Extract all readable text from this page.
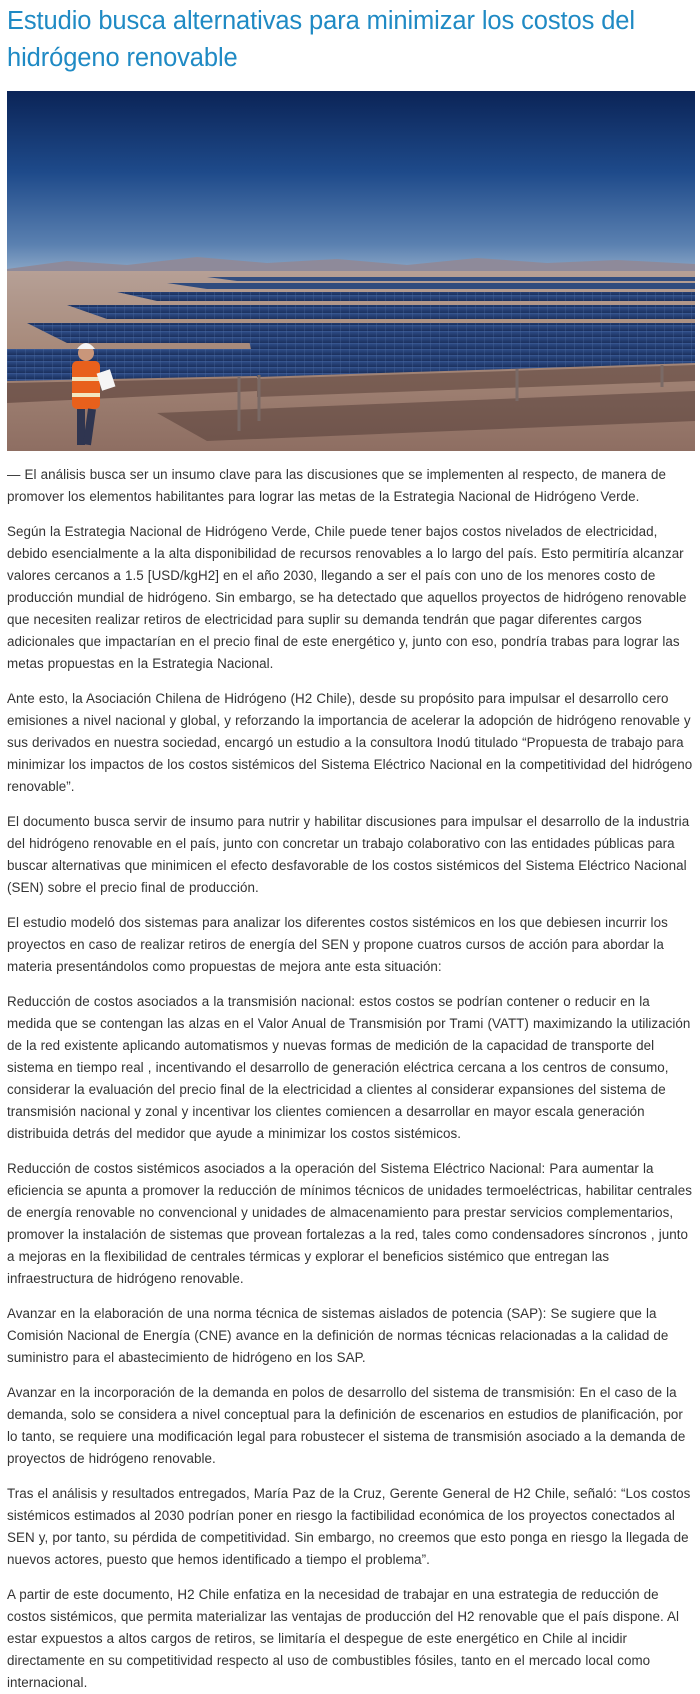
Estudio busca alternativas para minimizar los costos del hidrógeno renovable

— El análisis busca ser un insumo clave para las discusiones que se implementen al respecto, de manera de promover los elementos habilitantes para lograr las metas de la Estrategia Nacional de Hidrógeno Verde.

Según la Estrategia Nacional de Hidrógeno Verde, Chile puede tener bajos costos nivelados de electricidad, debido esencialmente a la alta disponibilidad de recursos renovables a lo largo del país. Esto permitiría alcanzar valores cercanos a 1.5 [USD/kgH2] en el año 2030, llegando a ser el país con uno de los menores costo de producción mundial de hidrógeno. Sin embargo, se ha detectado que aquellos proyectos de hidrógeno renovable que necesiten realizar retiros de electricidad para suplir su demanda tendrán que pagar diferentes cargos adicionales que impactarían en el precio final de este energético y, junto con eso, pondría trabas para lograr las metas propuestas en la Estrategia Nacional.

Ante esto, la Asociación Chilena de Hidrógeno (H2 Chile), desde su propósito para impulsar el desarrollo cero emisiones a nivel nacional y global, y reforzando la importancia de acelerar la adopción de hidrógeno renovable y sus derivados en nuestra sociedad, encargó un estudio a la consultora Inodú titulado “Propuesta de trabajo para minimizar los impactos de los costos sistémicos del Sistema Eléctrico Nacional en la competitividad del hidrógeno renovable”.

El documento busca servir de insumo para nutrir y habilitar discusiones para impulsar el desarrollo de la industria del hidrógeno renovable en el país, junto con concretar un trabajo colaborativo con las entidades públicas para buscar alternativas que minimicen el efecto desfavorable de los costos sistémicos del Sistema Eléctrico Nacional (SEN) sobre el precio final de producción.

El estudio modeló dos sistemas para analizar los diferentes costos sistémicos en los que debiesen incurrir los proyectos en caso de realizar retiros de energía del SEN y propone cuatros cursos de acción para abordar la materia presentándolos como propuestas de mejora ante esta situación:

Reducción de costos asociados a la transmisión nacional: estos costos se podrían contener o reducir en la medida que se contengan las alzas en el Valor Anual de Transmisión por Trami (VATT) maximizando la utilización de la red existente aplicando automatismos y nuevas formas de medición de la capacidad de transporte del sistema en tiempo real , incentivando el desarrollo de generación eléctrica cercana a los centros de consumo, considerar la evaluación del precio final de la electricidad a clientes al considerar expansiones del sistema de transmisión nacional y zonal y incentivar los clientes comiencen a desarrollar en mayor escala generación distribuida detrás del medidor que ayude a minimizar los costos sistémicos.

Reducción de costos sistémicos asociados a la operación del Sistema Eléctrico Nacional: Para aumentar la eficiencia se apunta a promover la reducción de mínimos técnicos de unidades termoeléctricas, habilitar centrales de energía renovable no convencional y unidades de almacenamiento para prestar servicios complementarios, promover la instalación de sistemas que provean fortalezas a la red, tales como condensadores síncronos , junto a mejoras en la flexibilidad de centrales térmicas y explorar el beneficios sistémico que entregan las infraestructura de hidrógeno renovable.

Avanzar en la elaboración de una norma técnica de sistemas aislados de potencia (SAP): Se sugiere que la Comisión Nacional de Energía (CNE) avance en la definición de normas técnicas relacionadas a la calidad de suministro para el abastecimiento de hidrógeno en los SAP.

Avanzar en la incorporación de la demanda en polos de desarrollo del sistema de transmisión: En el caso de la demanda, solo se considera a nivel conceptual para la definición de escenarios en estudios de planificación, por lo tanto, se requiere una modificación legal para robustecer el sistema de transmisión asociado a la demanda de proyectos de hidrógeno renovable.

Tras el análisis y resultados entregados, María Paz de la Cruz, Gerente General de H2 Chile, señaló: “Los costos sistémicos estimados al 2030 podrían poner en riesgo la factibilidad económica de los proyectos conectados al SEN y, por tanto, su pérdida de competitividad. Sin embargo, no creemos que esto ponga en riesgo la llegada de nuevos actores, puesto que hemos identificado a tiempo el problema”.

A partir de este documento, H2 Chile enfatiza en la necesidad de trabajar en una estrategia de reducción de costos sistémicos, que permita materializar las ventajas de producción del H2 renovable que el país dispone. Al estar expuestos a altos cargos de retiros, se limitaría el despegue de este energético en Chile al incidir directamente en su competitividad respecto al uso de combustibles fósiles, tanto en el mercado local como internacional.
